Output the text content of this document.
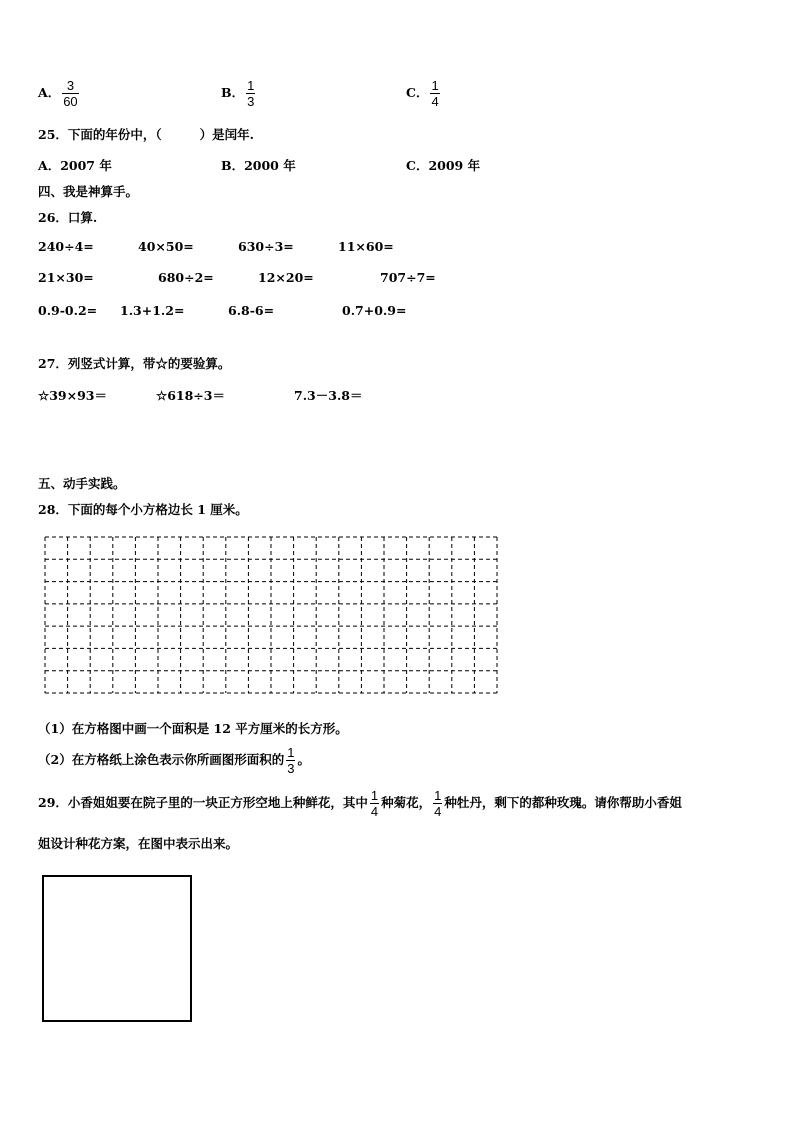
A． $\frac{3}{60}$	B． $\frac{1}{3}$	C． $\frac{1}{4}$
25．下面的年份中，（	）是闰年.
A．2007 年	B．2000 年	C．2009 年
四、我是神算手。
26．口算.
240÷4=	40×50=	630÷3=	11×60=
21×30=	680÷2=	12×20=	707÷7=
0.9-0.2= 1.3+1.2=	6.8-6=	0.7+0.9=
27．列竖式计算，带☆的要验算。
☆39×93＝	☆618÷3＝	7.3－3.8＝
五、动手实践。
28．下面的每个小方格边长 1 厘米。
（1）在方格图中画一个面积是 12 平方厘米的长方形。
（2）在方格纸上涂色表示你所画图形面积的 $\frac{1}{3}$ 。
29．小香姐姐要在院子里的一块正方形空地上种鲜花，其中 $\frac{1}{4}$ 种菊花， $\frac{1}{4}$ 种牡丹，剩下的都种玫瑰。请你帮助小香姐
姐设计种花方案，在图中表示出来。
